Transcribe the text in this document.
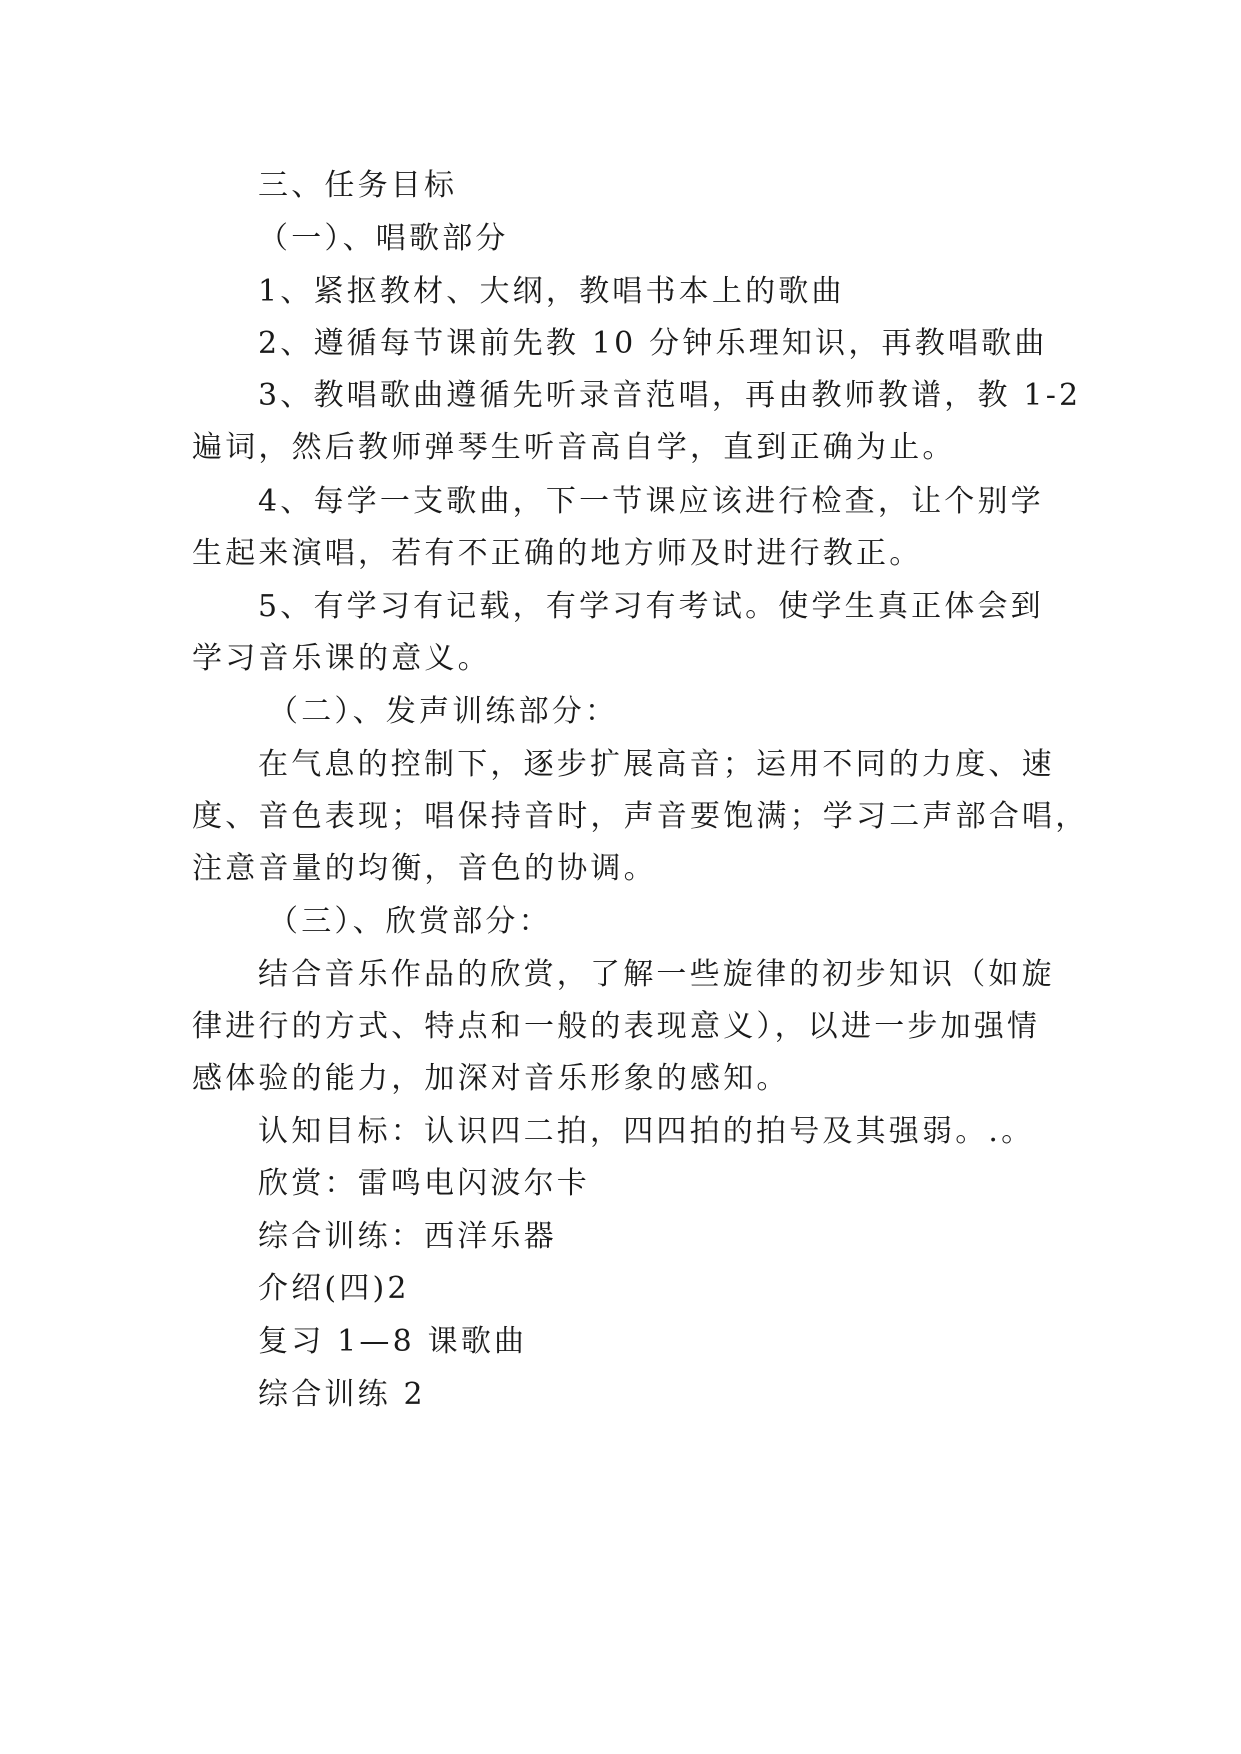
三、任务目标
（一）、唱歌部分
1、紧抠教材、大纲，教唱书本上的歌曲
2、遵循每节课前先教 10 分钟乐理知识，再教唱歌曲
3、教唱歌曲遵循先听录音范唱，再由教师教谱，教 1-2
遍词，然后教师弹琴生听音高自学，直到正确为止。
4、每学一支歌曲，下一节课应该进行检查，让个别学
生起来演唱，若有不正确的地方师及时进行教正。
5、有学习有记载，有学习有考试。使学生真正体会到
学习音乐课的意义。
（二）、发声训练部分：
在气息的控制下，逐步扩展高音；运用不同的力度、速
度、音色表现；唱保持音时，声音要饱满；学习二声部合唱，
注意音量的均衡，音色的协调。
（三）、欣赏部分：
结合音乐作品的欣赏，了解一些旋律的初步知识（如旋
律进行的方式、特点和一般的表现意义），以进一步加强情
感体验的能力，加深对音乐形象的感知。
认知目标：认识四二拍，四四拍的拍号及其强弱。.。
欣赏：雷鸣电闪波尔卡
综合训练：西洋乐器
介绍(四)2
复习 1—8 课歌曲
综合训练 2
